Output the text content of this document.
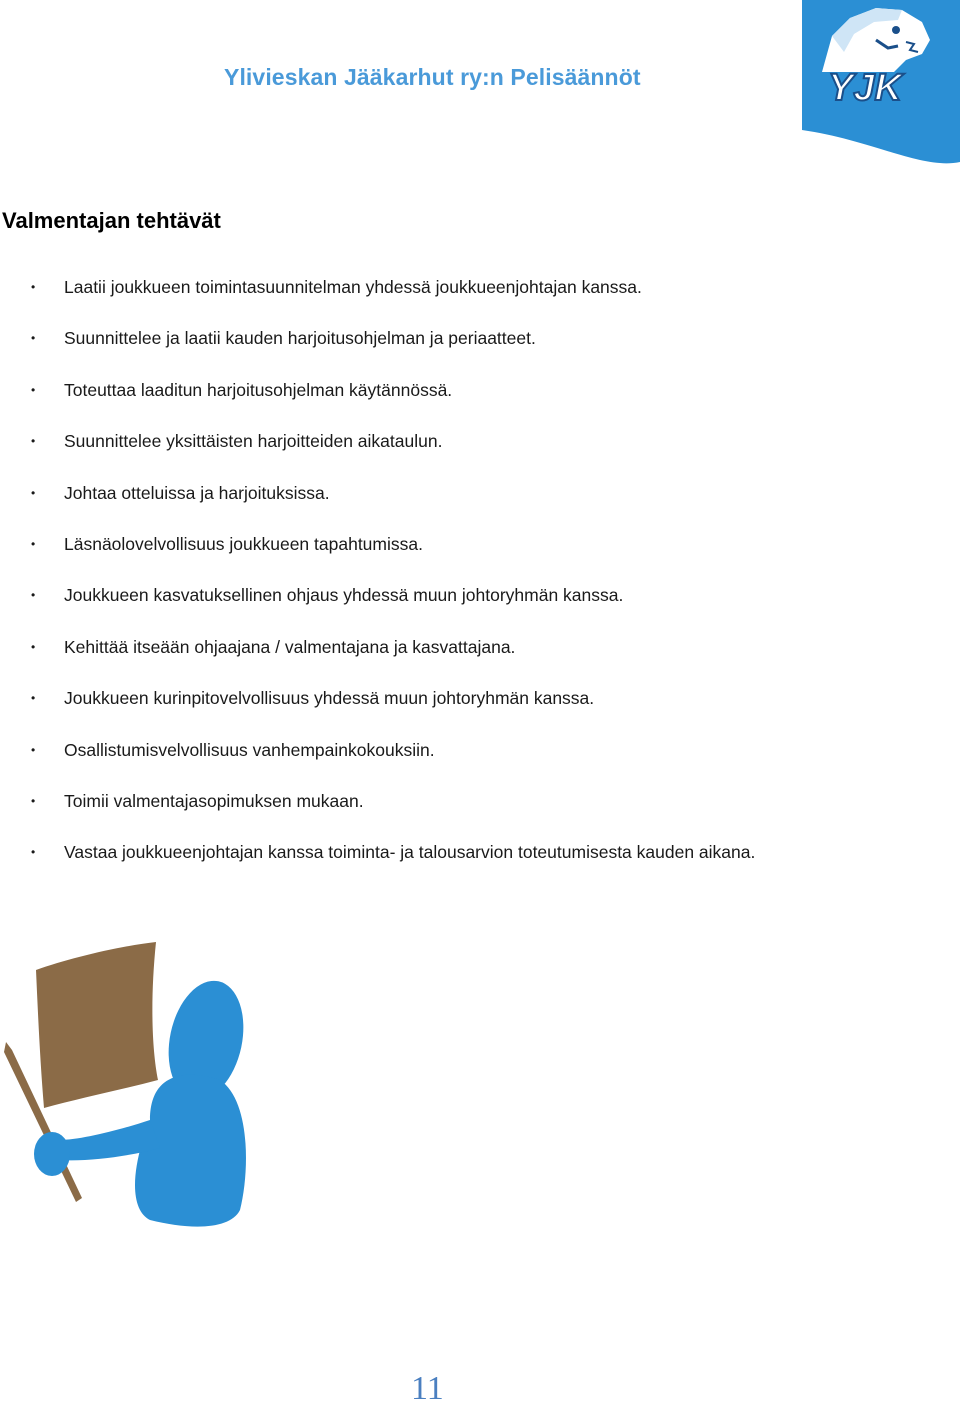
Ylivieskan Jääkarhut ry:n Pelisäännöt	YJK
Valmentajan tehtävät
• Laatii joukkueen toimintasuunnitelman yhdessä joukkueenjohtajan kanssa.
• Suunnittelee ja laatii kauden harjoitusohjelman ja periaatteet.
• Toteuttaa laaditun harjoitusohjelman käytännössä.
• Suunnittelee yksittäisten harjoitteiden aikataulun.
• Johtaa otteluissa ja harjoituksissa.
• Läsnäolovelvollisuus joukkueen tapahtumissa.
• Joukkueen kasvatuksellinen ohjaus yhdessä muun johtoryhmän kanssa.
• Kehittää itseään ohjaajana / valmentajana ja kasvattajana.
• Joukkueen kurinpitovelvollisuus yhdessä muun johtoryhmän kanssa.
• Osallistumisvelvollisuus vanhempainkokouksiin.
• Toimii valmentajasopimuksen mukaan.
• Vastaa joukkueenjohtajan kanssa toiminta- ja talousarvion toteutumisesta kauden aikana.
11
